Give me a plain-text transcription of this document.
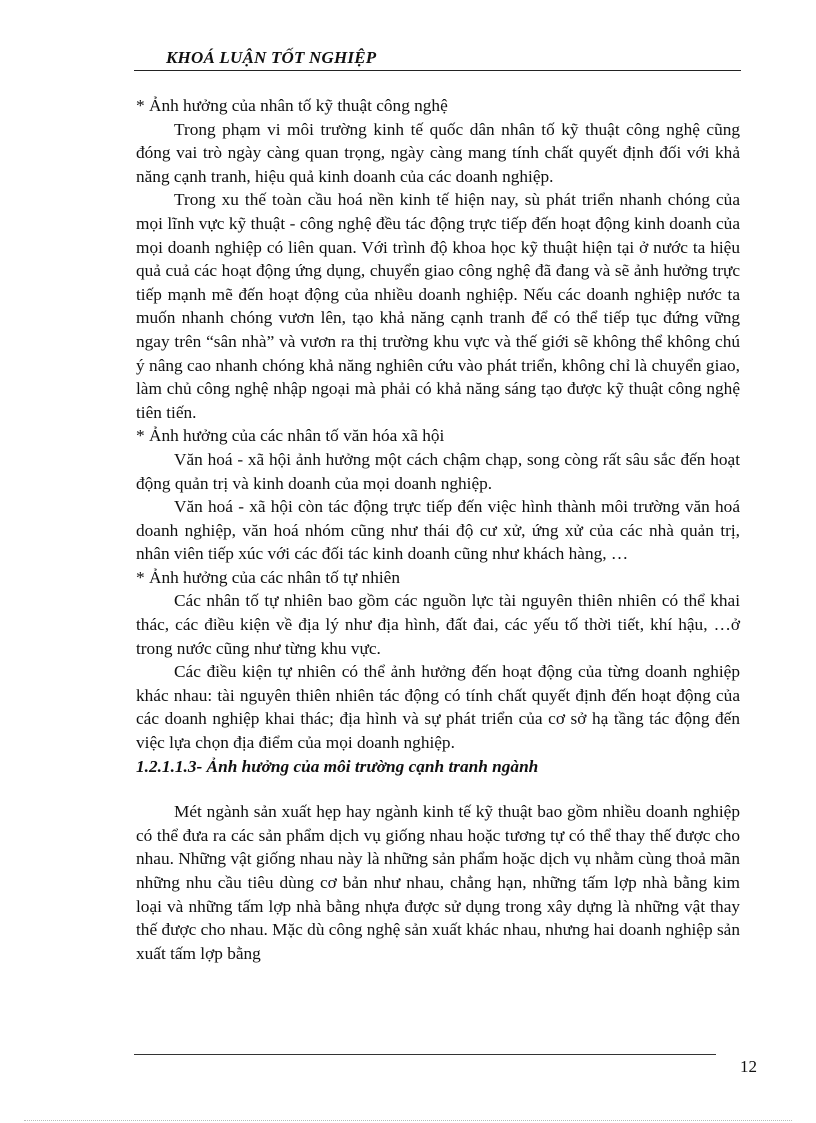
KHOÁ LUẬN TỐT NGHIỆP

* Ảnh hưởng của nhân tố kỹ thuật công nghệ

Trong phạm vi môi trường kinh tế quốc dân nhân tố kỹ thuật công nghệ cũng đóng vai trò ngày càng quan trọng, ngày càng mang tính chất quyết định đối với khả năng cạnh tranh, hiệu quả kinh doanh của các doanh nghiệp.

Trong xu thế toàn cầu hoá nền kinh tế hiện nay, sù phát triển nhanh chóng của mọi lĩnh vực kỹ thuật - công nghệ đều tác động trực tiếp đến hoạt động kinh doanh của mọi doanh nghiệp có liên quan. Với trình độ khoa học kỹ thuật hiện tại ở nước ta hiệu quả cuả các hoạt động ứng dụng, chuyển giao công nghệ đã đang và sẽ ảnh hưởng trực tiếp mạnh mẽ đến hoạt động của nhiều doanh nghiệp. Nếu các doanh nghiệp nước ta muốn nhanh chóng vươn lên, tạo khả năng cạnh tranh để có thể tiếp tục đứng vững ngay trên “sân nhà” và vươn ra thị trường khu vực và thế giới sẽ không thể không chú ý nâng cao nhanh chóng khả năng nghiên cứu vào phát triển, không chỉ là chuyển giao, làm chủ công nghệ nhập ngoại mà phải có khả năng sáng tạo được kỹ thuật công nghệ tiên tiến.

* Ảnh hưởng của các nhân tố văn hóa xã hội

Văn hoá - xã hội ảnh hưởng một cách chậm chạp, song còng rất sâu sắc đến hoạt động quản trị và kinh doanh của mọi doanh nghiệp.

Văn hoá - xã hội còn tác động trực tiếp đến việc hình thành môi trường văn hoá doanh nghiệp, văn hoá nhóm cũng như thái độ cư xử, ứng xử của các nhà quản trị, nhân viên tiếp xúc với các đối tác kinh doanh cũng như khách hàng, …

* Ảnh hưởng của các nhân tố tự nhiên

Các nhân tố tự nhiên bao gồm các nguồn lực tài nguyên thiên nhiên có thể khai thác, các điều kiện về địa lý như địa hình, đất đai, các yếu tố thời tiết, khí hậu, …ở trong nước cũng như từng khu vực.

Các điều kiện tự nhiên có thể ảnh hưởng đến hoạt động của từng doanh nghiệp khác nhau: tài nguyên thiên nhiên tác động có tính chất quyết định đến hoạt động của các doanh nghiệp khai thác; địa hình và sự phát triển của cơ sở hạ tầng tác động đến việc lựa chọn địa điểm của mọi doanh nghiệp.

1.2.1.1.3- Ảnh hưởng của môi trường cạnh tranh ngành

Mét ngành sản xuất hẹp hay ngành kinh tế kỹ thuật bao gồm nhiều doanh nghiệp có thể đưa ra các sản phẩm dịch vụ giống nhau hoặc tương tự có thể thay thế được cho nhau. Những vật giống nhau này là những sản phẩm hoặc dịch vụ nhằm cùng thoả mãn những nhu cầu tiêu dùng cơ bản như nhau, chẳng hạn, những tấm lợp nhà bằng kim loại và những tấm lợp nhà bằng nhựa được sử dụng trong xây dựng là những vật thay thế được cho nhau. Mặc dù công nghệ sản xuất khác nhau, nhưng hai doanh nghiệp sản xuất tấm lợp bằng

12
